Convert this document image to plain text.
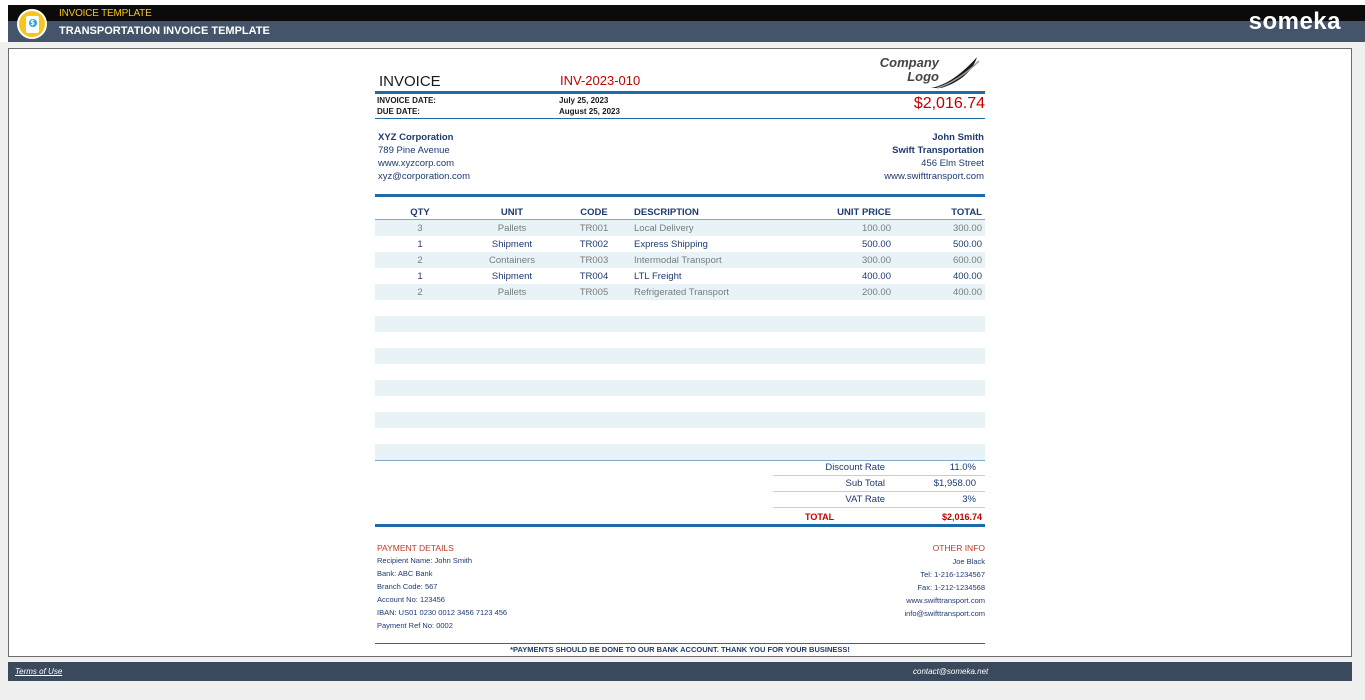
$
INVOICE TEMPLATE
TRANSPORTATION INVOICE TEMPLATE	someka
INVOICE	INV-2023-010
Company
Logo
INVOICE DATE:	July 25, 2023
DUE DATE:	August 25, 2023	$2,016.74
XYZ Corporation
789 Pine Avenue
www.xyzcorp.com
xyz@corporation.com
John Smith
Swift Transportation
456 Elm Street
www.swifttransport.com
QTY	UNIT	CODE	DESCRIPTION	UNIT PRICE	TOTAL
3	Pallets	TR001	Local Delivery	100.00	300.00
1	Shipment	TR002	Express Shipping	500.00	500.00
2	Containers	TR003	Intermodal Transport	300.00	600.00
1	Shipment	TR004	LTL Freight	400.00	400.00
2	Pallets	TR005	Refrigerated Transport	200.00	400.00
Discount Rate	11.0%
Sub Total	$1,958.00
VAT Rate	3%
TOTAL	$2,016.74
PAYMENT DETAILS
Recipient Name: John Smith
Bank: ABC Bank
Branch Code: 567
Account No: 123456
IBAN: US01 0230 0012 3456 7123 456
Payment Ref No: 0002
OTHER INFO
Joe Black
Tel: 1-216-1234567
Fax: 1-212-1234568
www.swifttransport.com
info@swifttransport.com
*PAYMENTS SHOULD BE DONE TO OUR BANK ACCOUNT. THANK YOU FOR YOUR BUSINESS!
Terms of Use	contact@someka.net
